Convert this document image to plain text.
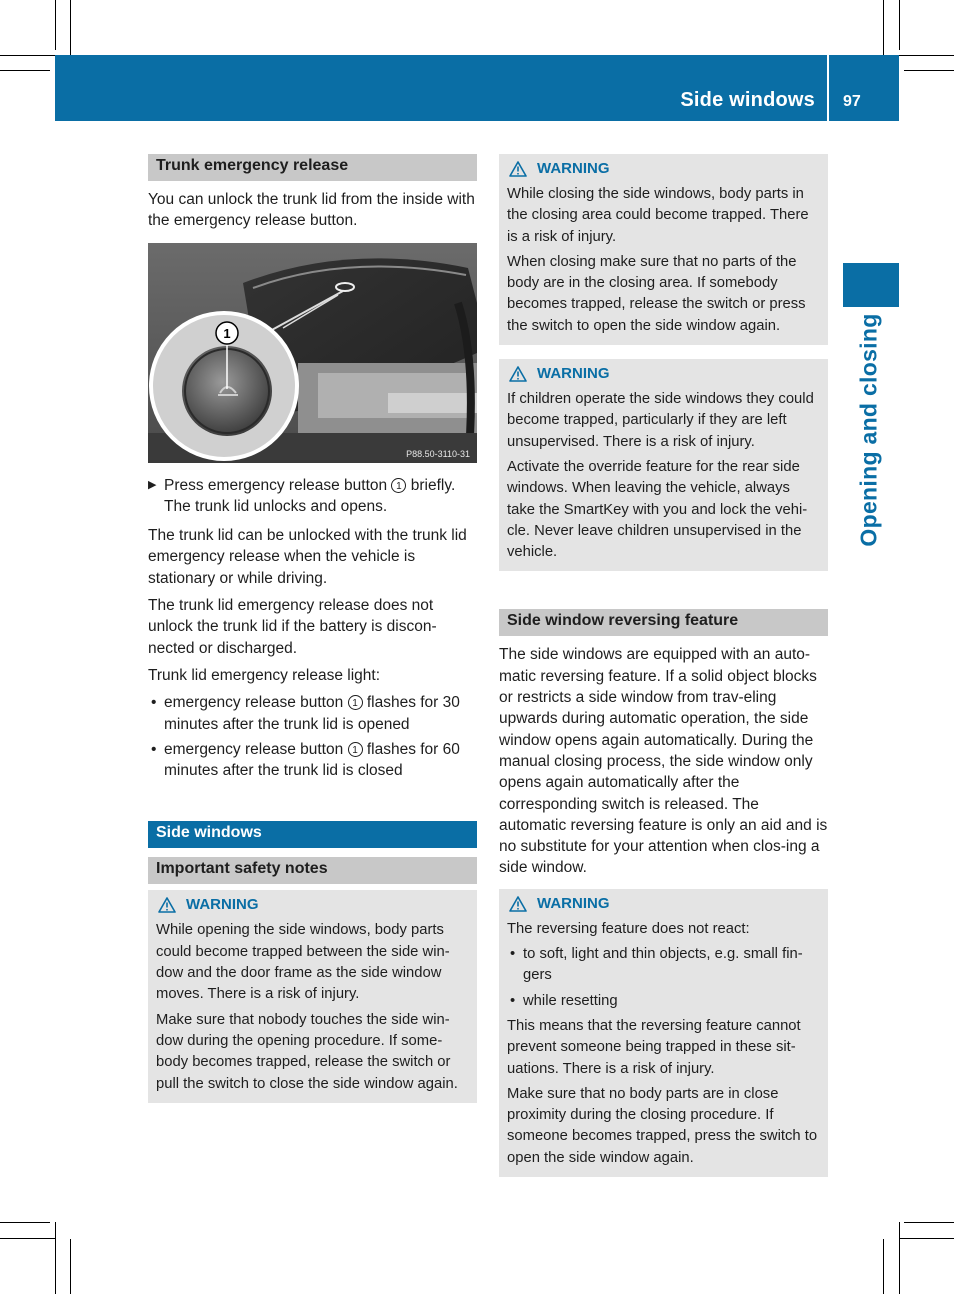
Side windows 97
Opening and closing
Trunk emergency release

You can unlock the trunk lid from the inside with the emergency release button.

1
P88.50-3110-31
▶ Press emergency release button 1 briefly.
The trunk lid unlocks and opens.

The trunk lid can be unlocked with the trunk lid emergency release when the vehicle is stationary or while driving.

The trunk lid emergency release does not unlock the trunk lid if the battery is discon-nected or discharged.

Trunk lid emergency release light:

• emergency release button 1 flashes for 30 minutes after the trunk lid is opened
• emergency release button 1 flashes for 60 minutes after the trunk lid is closed
Side windows
Important safety notes
WARNING

While opening the side windows, body parts could become trapped between the side win-dow and the door frame as the side window moves. There is a risk of injury.

Make sure that nobody touches the side win-dow during the opening procedure. If some-body becomes trapped, release the switch or pull the switch to close the side window again.

WARNING

While closing the side windows, body parts in the closing area could become trapped. There is a risk of injury.

When closing make sure that no parts of the body are in the closing area. If somebody becomes trapped, release the switch or press the switch to open the side window again.

WARNING

If children operate the side windows they could become trapped, particularly if they are left unsupervised. There is a risk of injury.

Activate the override feature for the rear side windows. When leaving the vehicle, always take the SmartKey with you and lock the vehi-cle. Never leave children unsupervised in the vehicle.

Side window reversing feature

The side windows are equipped with an auto-matic reversing feature. If a solid object blocks or restricts a side window from trav-eling upwards during automatic operation, the side window opens again automatically. During the manual closing process, the side window only opens again automatically after the corresponding switch is released. The automatic reversing feature is only an aid and is no substitute for your attention when clos-ing a side window.

WARNING

The reversing feature does not react:

• to soft, light and thin objects, e.g. small fin-gers
• while resetting

This means that the reversing feature cannot prevent someone being trapped in these sit-uations. There is a risk of injury.

Make sure that no body parts are in close proximity during the closing procedure. If someone becomes trapped, press the switch to open the side window again.
